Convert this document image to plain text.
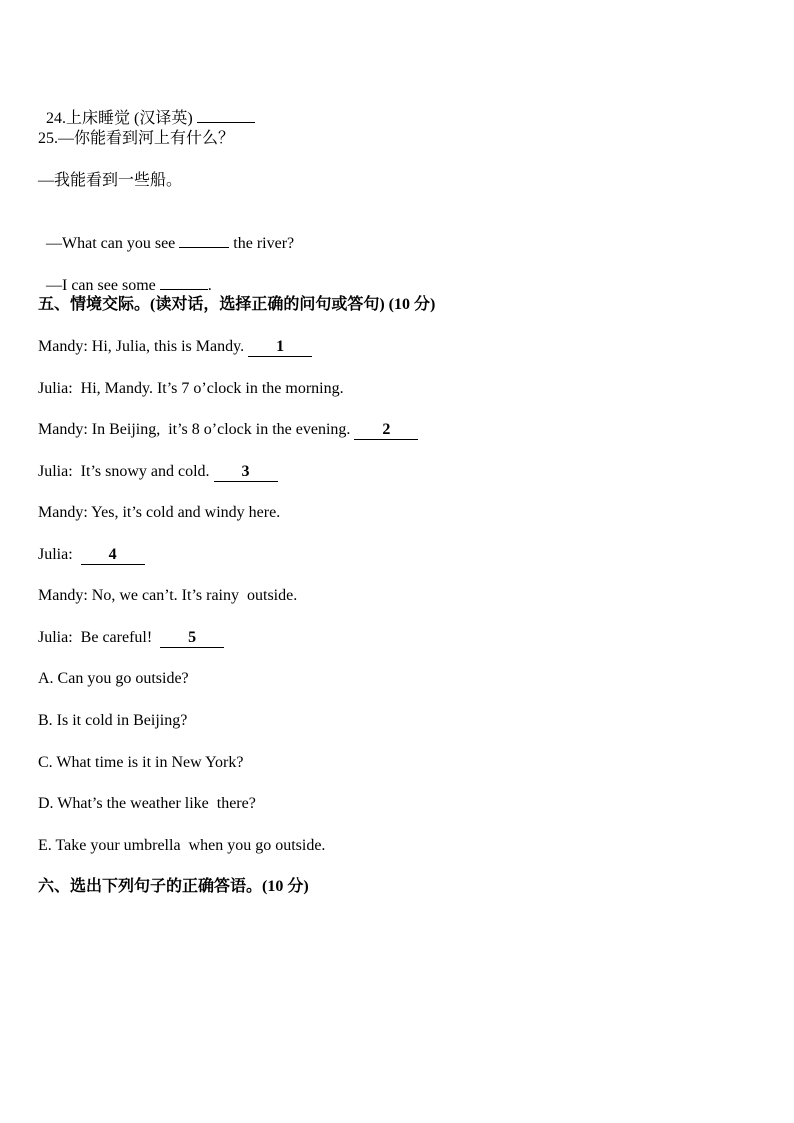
24.上床睡觉 (汉译英)

25.—你能看到河上有什么？
—我能看到一些船。

—What can you see	the river?

—I can see some	.

五、情境交际。(读对话，选择正确的问句或答句) (10 分)
Mandy: Hi, Julia, this is Mandy. 1
Julia:  Hi, Mandy. It’s 7 o’clock in the morning.
Mandy: In Beijing,  it’s 8 o’clock in the evening. 2
Julia:  It’s snowy and cold. 3
Mandy: Yes, it’s cold and windy here.
Julia:  4
Mandy: No, we can’t. It’s rainy  outside.
Julia:  Be careful!  5
A. Can you go outside?
B. Is it cold in Beijing?
C. What time is it in New York?
D. What’s the weather like  there?
E. Take your umbrella  when you go outside.
六、选出下列句子的正确答语。(10 分)
